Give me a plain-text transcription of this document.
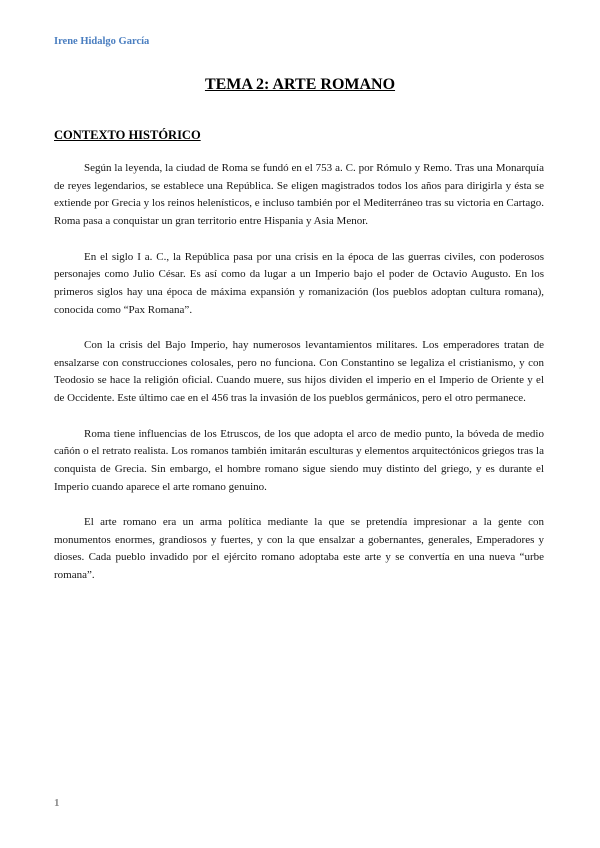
Irene Hidalgo García
TEMA 2: ARTE ROMANO
CONTEXTO HISTÓRICO

Según la leyenda, la ciudad de Roma se fundó en el 753 a. C. por Rómulo y Remo. Tras una Monarquía de reyes legendarios, se establece una República. Se eligen magistrados todos los años para dirigirla y ésta se extiende por Grecia y los reinos helenísticos, e incluso también por el Mediterráneo tras su victoria en Cartago. Roma pasa a conquistar un gran territorio entre Hispania y Asia Menor.

En el siglo I a. C., la República pasa por una crisis en la época de las guerras civiles, con poderosos personajes como Julio César. Es así como da lugar a un Imperio bajo el poder de Octavio Augusto. En los primeros siglos hay una época de máxima expansión y romanización (los pueblos adoptan cultura romana), conocida como “Pax Romana”.

Con la crisis del Bajo Imperio, hay numerosos levantamientos militares. Los emperadores tratan de ensalzarse con construcciones colosales, pero no funciona. Con Constantino se legaliza el cristianismo, y con Teodosio se hace la religión oficial. Cuando muere, sus hijos dividen el imperio en el Imperio de Oriente y el de Occidente. Este último cae en el 456 tras la invasión de los pueblos germánicos, pero el otro permanece.

Roma tiene influencias de los Etruscos, de los que adopta el arco de medio punto, la bóveda de medio cañón o el retrato realista. Los romanos también imitarán esculturas y elementos arquitectónicos griegos tras la conquista de Grecia. Sin embargo, el hombre romano sigue siendo muy distinto del griego, y es durante el Imperio cuando aparece el arte romano genuino.

El arte romano era un arma política mediante la que se pretendía impresionar a la gente con monumentos enormes, grandiosos y fuertes, y con la que ensalzar a gobernantes, generales, Emperadores y dioses. Cada pueblo invadido por el ejército romano adoptaba este arte y se convertía en una nueva “urbe romana”.

1
